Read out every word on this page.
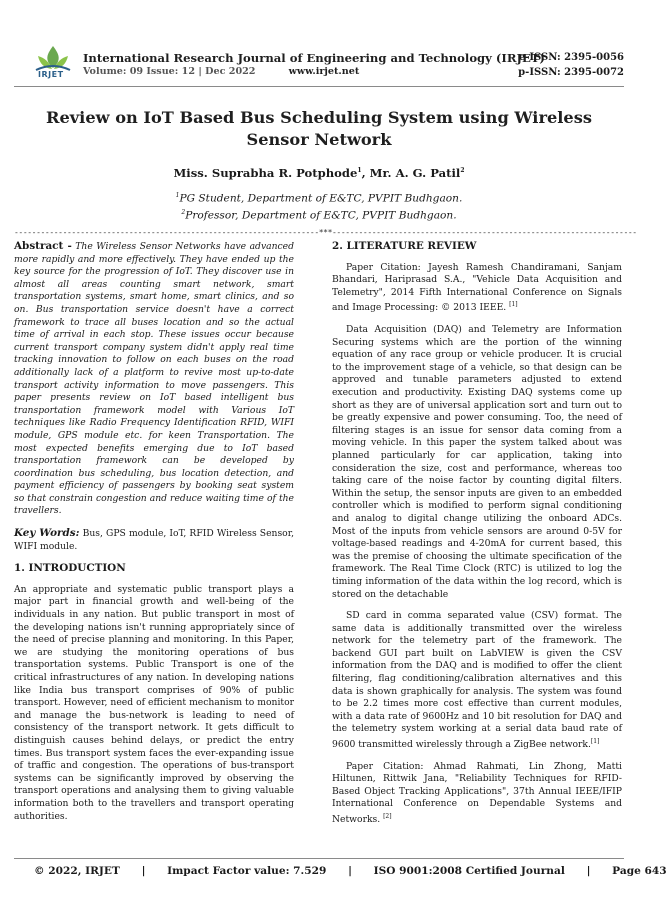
IRJET
International Research Journal of Engineering and Technology (IRJET)
e-ISSN: 2395-0056
Volume: 09 Issue: 12 | Dec 2022	www.irjet.net	p-ISSN: 2395-0072
Review on IoT Based Bus Scheduling System using Wireless Sensor Network
Miss. Suprabha R. Potphode$^1$, Mr. A. G. Patil$^2$
$^1$PG Student, Department of E&TC, PVPIT Budhgaon.
$^2$Professor, Department of E&TC, PVPIT Budhgaon.
---------------------------------------------------------------------***---------------------------------------------------------------------

Abstract - The Wireless Sensor Networks have advanced more rapidly and more effectively. They have ended up the key source for the progression of IoT. They discover use in almost all areas counting smart network, smart transportation systems, smart home, smart clinics, and so on. Bus transportation service doesn't have a correct framework to trace all buses location and so the actual time of arrival in each stop. These issues occur because current transport company system didn't apply real time tracking innovation to follow on each buses on the road additionally lack of a platform to revive most up-to-date transport activity information to move passengers. This paper presents review on IoT based intelligent bus transportation framework model with Various IoT techniques like Radio Frequency Identification RFID, WIFI module, GPS module etc. for keen Transportation. The most expected benefits emerging due to IoT based transportation framework can be developed by coordination bus scheduling, bus location detection, and payment efficiency of passengers by booking seat system so that constrain congestion and reduce waiting time of the travellers.

Key Words: Bus, GPS module, IoT, RFID Wireless Sensor, WIFI module.

1. INTRODUCTION

An appropriate and systematic public transport plays a major part in financial growth and well-being of the individuals in any nation. But public transport in most of the developing nations isn't running appropriately since of the need of precise planning and monitoring. In this Paper, we are studying the monitoring operations of bus transportation systems. Public Transport is one of the critical infrastructures of any nation. In developing nations like India bus transport comprises of 90% of public transport. However, need of efficient mechanism to monitor and manage the bus-network is leading to need of consistency of the transport network. It gets difficult to distinguish causes behind delays, or predict the entry times. Bus transport system faces the ever-expanding issue of traffic and congestion. The operations of bus-transport systems can be significantly improved by observing the transport operations and analysing them to giving valuable information both to the travellers and transport operating authorities.

2. LITERATURE REVIEW

Paper Citation: Jayesh Ramesh Chandiramani, Sanjam Bhandari, Hariprasad S.A., "Vehicle Data Acquisition and Telemetry", 2014 Fifth International Conference on Signals and Image Processing: © 2013 IEEE. [1]

Data Acquisition (DAQ) and Telemetry are Information Securing systems which are the portion of the winning equation of any race group or vehicle producer. It is crucial to the improvement stage of a vehicle, so that design can be approved and tunable parameters adjusted to extend execution and productivity. Existing DAQ systems come up short as they are of universal application sort and turn out to be greatly expensive and power consuming. Too, the need of filtering stages is an issue for sensor data coming from a moving vehicle. In this paper the system talked about was planned particularly for car application, taking into consideration the size, cost and performance, whereas too taking care of the noise factor by counting digital filters. Within the setup, the sensor inputs are given to an embedded controller which is modified to perform signal conditioning and analog to digital change utilizing the onboard ADCs. Most of the inputs from vehicle sensors are around 0-5V for voltage-based readings and 4-20mA for current based, this was the premise of choosing the ultimate specification of the framework. The Real Time Clock (RTC) is utilized to log the timing information of the data within the log record, which is stored on the detachable

SD card in comma separated value (CSV) format. The same data is additionally transmitted over the wireless network for the telemetry part of the framework. The backend GUI part built on LabVIEW is given the CSV information from the DAQ and is modified to offer the client filtering, flag conditioning/calibration alternatives and this data is shown graphically for analysis. The system was found to be 2.2 times more cost effective than current modules, with a data rate of 9600Hz and 10 bit resolution for DAQ and the telemetry system working at a serial data baud rate of 9600 transmitted wirelessly through a ZigBee network.[1]

Paper Citation: Ahmad Rahmati, Lin Zhong, Matti Hiltunen, Rittwik Jana, "Reliability Techniques for RFID-Based Object Tracking Applications", 37th Annual IEEE/IFIP International Conference on Dependable Systems and Networks. [2]

© 2022, IRJET | Impact Factor value: 7.529 | ISO 9001:2008 Certified Journal | Page 643
